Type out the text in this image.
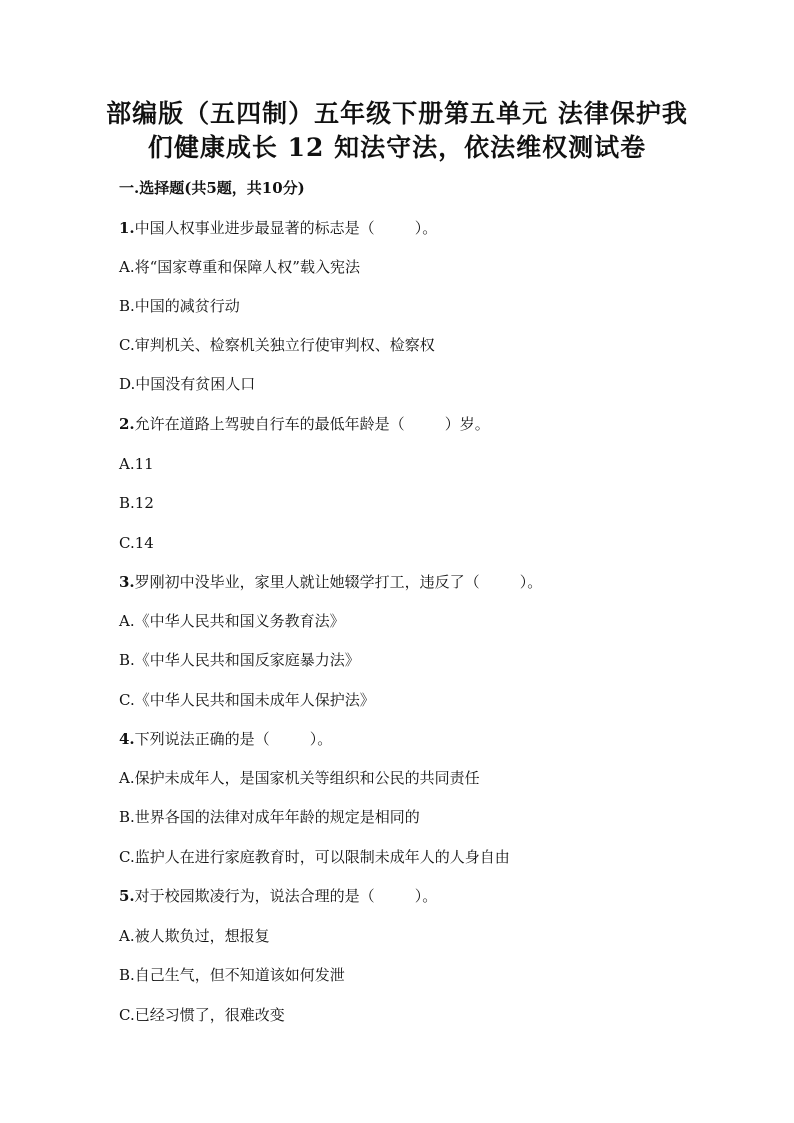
部编版（五四制）五年级下册第五单元 法律保护我
们健康成长 12 知法守法，依法维权测试卷
一.选择题(共5题，共10分)
1.中国人权事业进步最显著的标志是（	）。
A.将“国家尊重和保障人权”载入宪法
B.中国的减贫行动
C.审判机关、检察机关独立行使审判权、检察权
D.中国没有贫困人口
2.允许在道路上驾驶自行车的最低年龄是（	）岁。
A.11
B.12
C.14
3.罗刚初中没毕业，家里人就让她辍学打工，违反了（	）。
A.《中华人民共和国义务教育法》
B.《中华人民共和国反家庭暴力法》
C.《中华人民共和国未成年人保护法》
4.下列说法正确的是（	）。
A.保护未成年人，是国家机关等组织和公民的共同责任
B.世界各国的法律对成年年龄的规定是相同的
C.监护人在进行家庭教育时，可以限制未成年人的人身自由
5.对于校园欺凌行为，说法合理的是（	）。
A.被人欺负过，想报复
B.自己生气，但不知道该如何发泄
C.已经习惯了，很难改变
